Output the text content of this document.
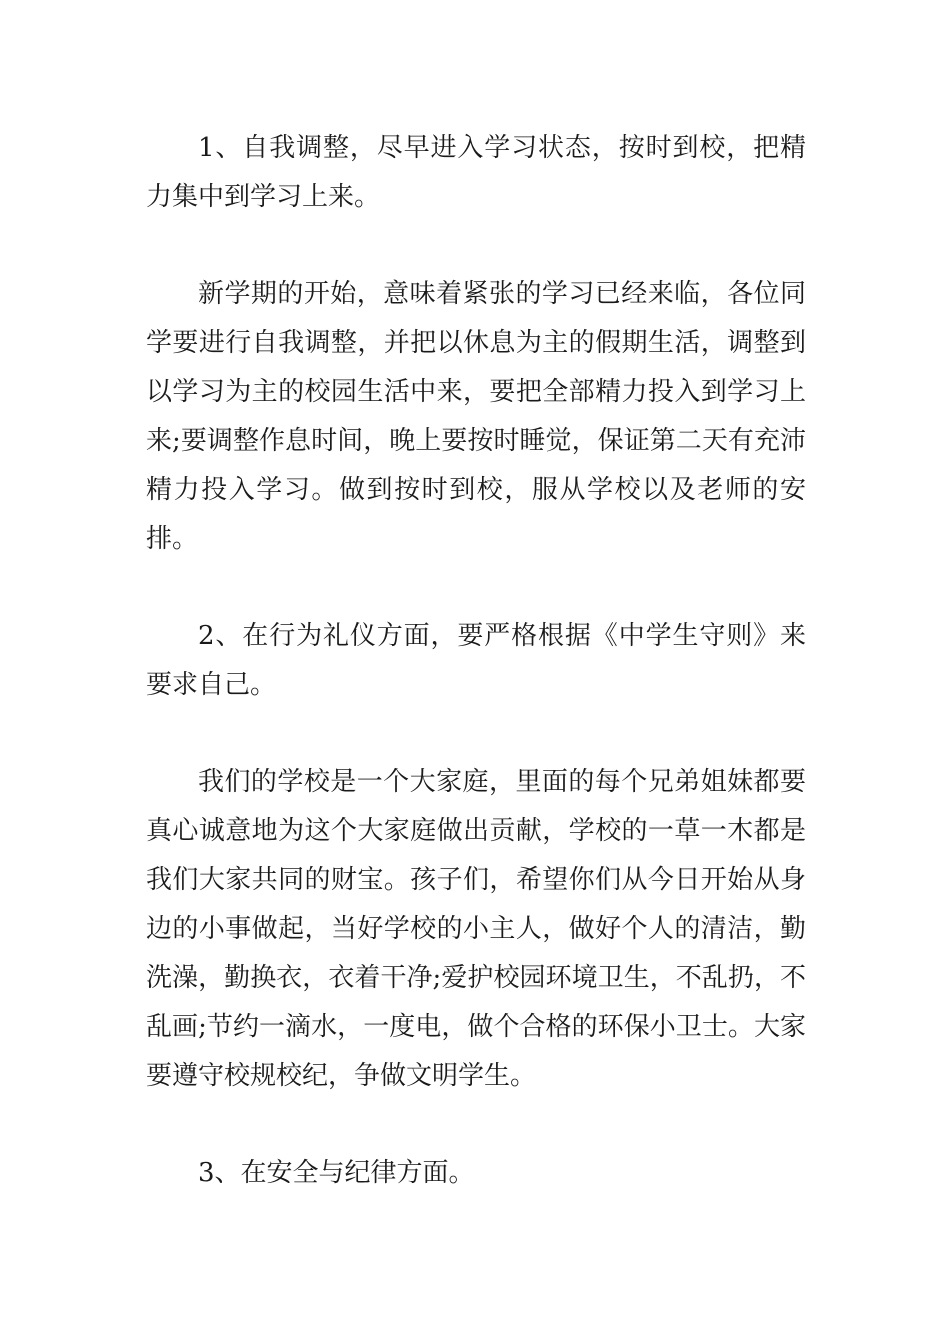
1、自我调整，尽早进入学习状态，按时到校，把精力集中到学习上来。

新学期的开始，意味着紧张的学习已经来临，各位同学要进行自我调整，并把以休息为主的假期生活，调整到以学习为主的校园生活中来，要把全部精力投入到学习上来;要调整作息时间，晚上要按时睡觉，保证第二天有充沛精力投入学习。做到按时到校，服从学校以及老师的安排。

2、在行为礼仪方面，要严格根据《中学生守则》来要求自己。

我们的学校是一个大家庭，里面的每个兄弟姐妹都要真心诚意地为这个大家庭做出贡献，学校的一草一木都是我们大家共同的财宝。孩子们，希望你们从今日开始从身边的小事做起，当好学校的小主人，做好个人的清洁，勤洗澡，勤换衣，衣着干净;爱护校园环境卫生，不乱扔，不乱画;节约一滴水，一度电，做个合格的环保小卫士。大家要遵守校规校纪，争做文明学生。

3、在安全与纪律方面。
